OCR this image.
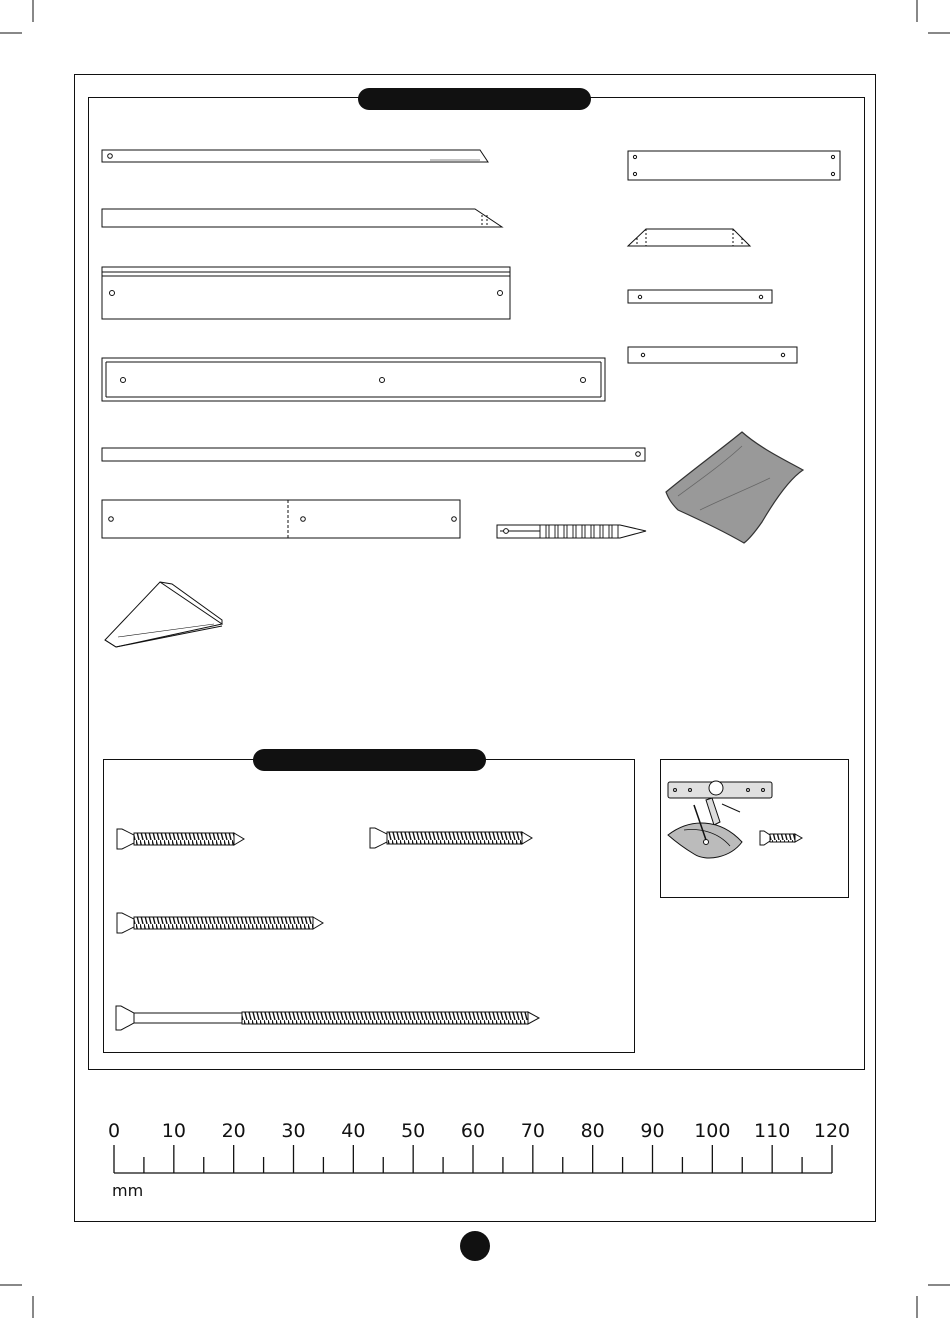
0	10	20	30	40	50	60	70	80	90	100 110 120
mm
